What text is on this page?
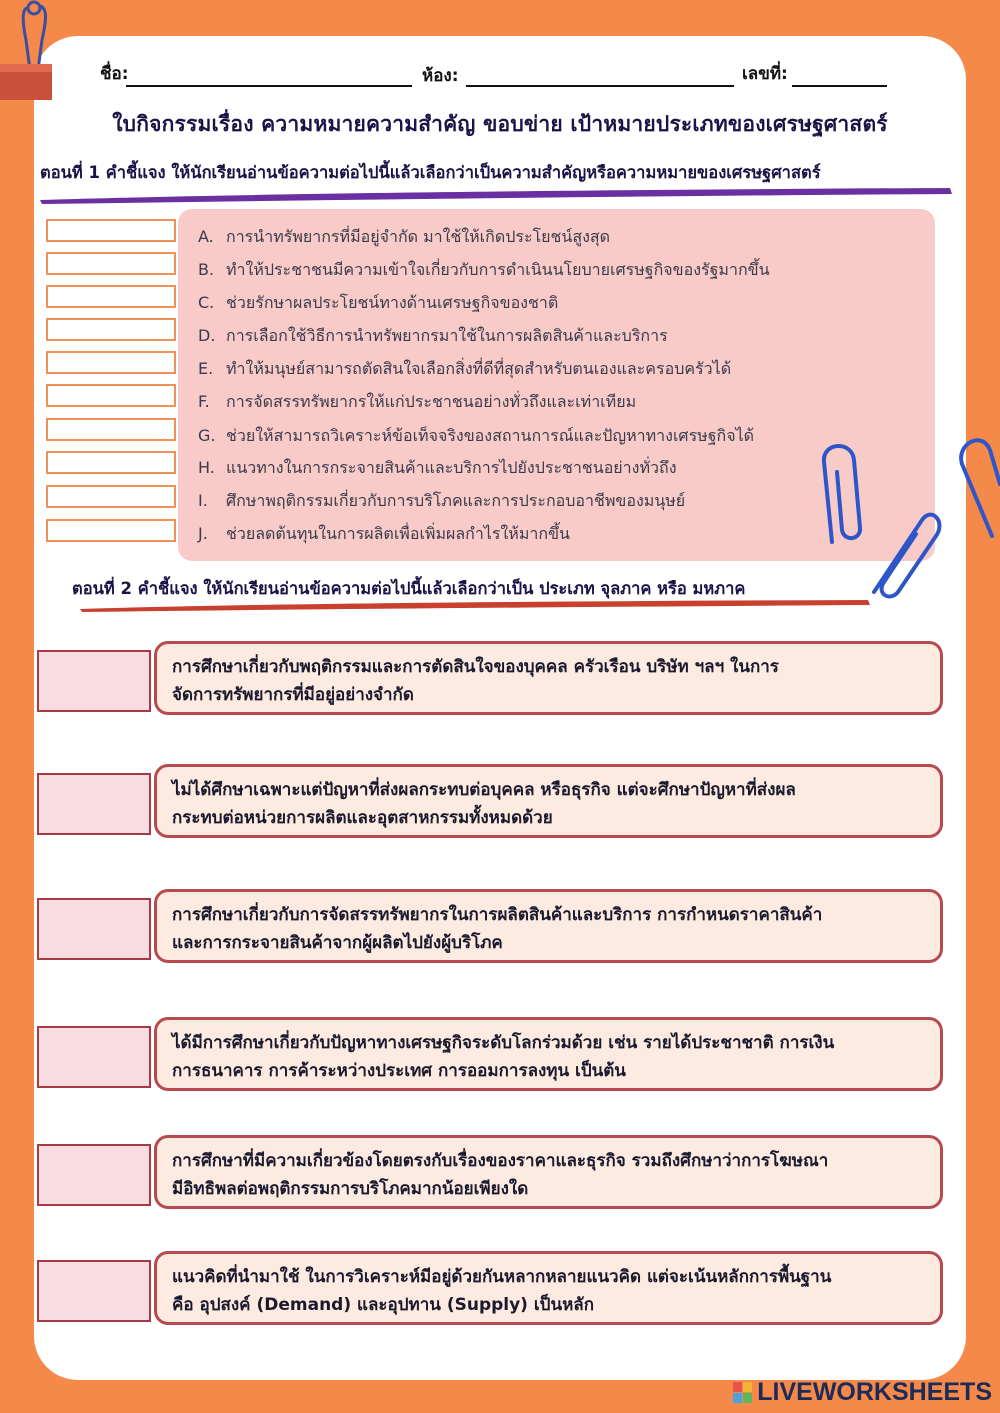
ชื่อ:	ห้อง:	เลขที่:
ใบกิจกรรมเรื่อง ความหมายความสำคัญ ขอบข่าย เป้าหมายประเภทของเศรษฐศาสตร์
ตอนที่ 1 คำชี้แจง ให้นักเรียนอ่านข้อความต่อไปนี้แล้วเลือกว่าเป็นความสำคัญหรือความหมายของเศรษฐศาสตร์
A. การนำทรัพยากรที่มีอยู่จำกัด มาใช้ให้เกิดประโยชน์สูงสุด
B. ทำให้ประชาชนมีความเข้าใจเกี่ยวกับการดำเนินนโยบายเศรษฐกิจของรัฐมากขึ้น
C. ช่วยรักษาผลประโยชน์ทางด้านเศรษฐกิจของชาติ
D. การเลือกใช้วิธีการนำทรัพยากรมาใช้ในการผลิตสินค้าและบริการ
E. ทำให้มนุษย์สามารถตัดสินใจเลือกสิ่งที่ดีที่สุดสำหรับตนเองและครอบครัวได้
F. การจัดสรรทรัพยากรให้แก่ประชาชนอย่างทั่วถึงและเท่าเทียม
G. ช่วยให้สามารถวิเคราะห์ข้อเท็จจริงของสถานการณ์และปัญหาทางเศรษฐกิจได้
H. แนวทางในการกระจายสินค้าและบริการไปยังประชาชนอย่างทั่วถึง
I. ศึกษาพฤติกรรมเกี่ยวกับการบริโภคและการประกอบอาชีพของมนุษย์
J. ช่วยลดต้นทุนในการผลิตเพื่อเพิ่มผลกำไรให้มากขึ้น
ตอนที่ 2 คำชี้แจง ให้นักเรียนอ่านข้อความต่อไปนี้แล้วเลือกว่าเป็น ประเภท จุลภาค หรือ มหภาค
การศึกษาเกี่ยวกับพฤติกรรมและการตัดสินใจของบุคคล ครัวเรือน บริษัท ฯลฯ ในการ
จัดการทรัพยากรที่มีอยู่อย่างจำกัด
ไม่ได้ศึกษาเฉพาะแต่ปัญหาที่ส่งผลกระทบต่อบุคคล หรือธุรกิจ แต่จะศึกษาปัญหาที่ส่งผล
กระทบต่อหน่วยการผลิตและอุตสาหกรรมทั้งหมดด้วย
การศึกษาเกี่ยวกับการจัดสรรทรัพยากรในการผลิตสินค้าและบริการ การกำหนดราคาสินค้า
และการกระจายสินค้าจากผู้ผลิตไปยังผู้บริโภค
ได้มีการศึกษาเกี่ยวกับปัญหาทางเศรษฐกิจระดับโลกร่วมด้วย เช่น รายได้ประชาชาติ การเงิน
การธนาคาร การค้าระหว่างประเทศ การออมการลงทุน เป็นต้น
การศึกษาที่มีความเกี่ยวข้องโดยตรงกับเรื่องของราคาและธุรกิจ รวมถึงศึกษาว่าการโฆษณา
มีอิทธิพลต่อพฤติกรรมการบริโภคมากน้อยเพียงใด
แนวคิดที่นำมาใช้ ในการวิเคราะห์มีอยู่ด้วยกันหลากหลายแนวคิด แต่จะเน้นหลักการพื้นฐาน
คือ อุปสงค์ (Demand) และอุปทาน (Supply) เป็นหลัก
LIVEWORKSHEETS
